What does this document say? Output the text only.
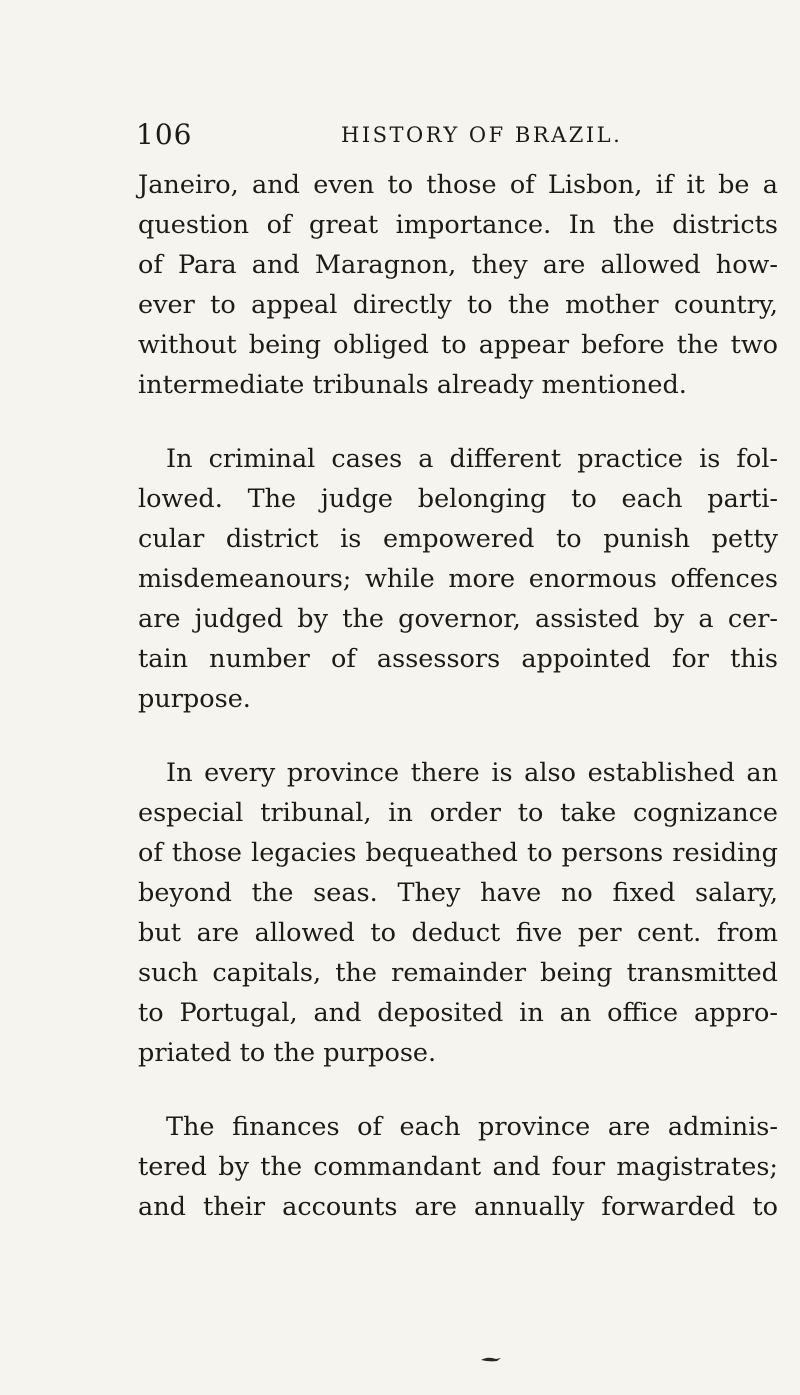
106	HISTORY OF BRAZIL.
Janeiro, and even to those of Lisbon, if it be a
question of great importance. In the districts
of Para and Maragnon, they are allowed how-
ever to appeal directly to the mother country,
without being obliged to appear before the two
intermediate tribunals already mentioned.
In criminal cases a different practice is fol-
lowed. The judge belonging to each parti-
cular district is empowered to punish petty
misdemeanours; while more enormous offences
are judged by the governor, assisted by a cer-
tain number of assessors appointed for this
purpose.
In every province there is also established an
especial tribunal, in order to take cognizance
of those legacies bequeathed to persons residing
beyond the seas. They have no fixed salary,
but are allowed to deduct five per cent. from
such capitals, the remainder being transmitted
to Portugal, and deposited in an office appro-
priated to the purpose.
The finances of each province are adminis-
tered by the commandant and four magistrates;
and their accounts are annually forwarded to
